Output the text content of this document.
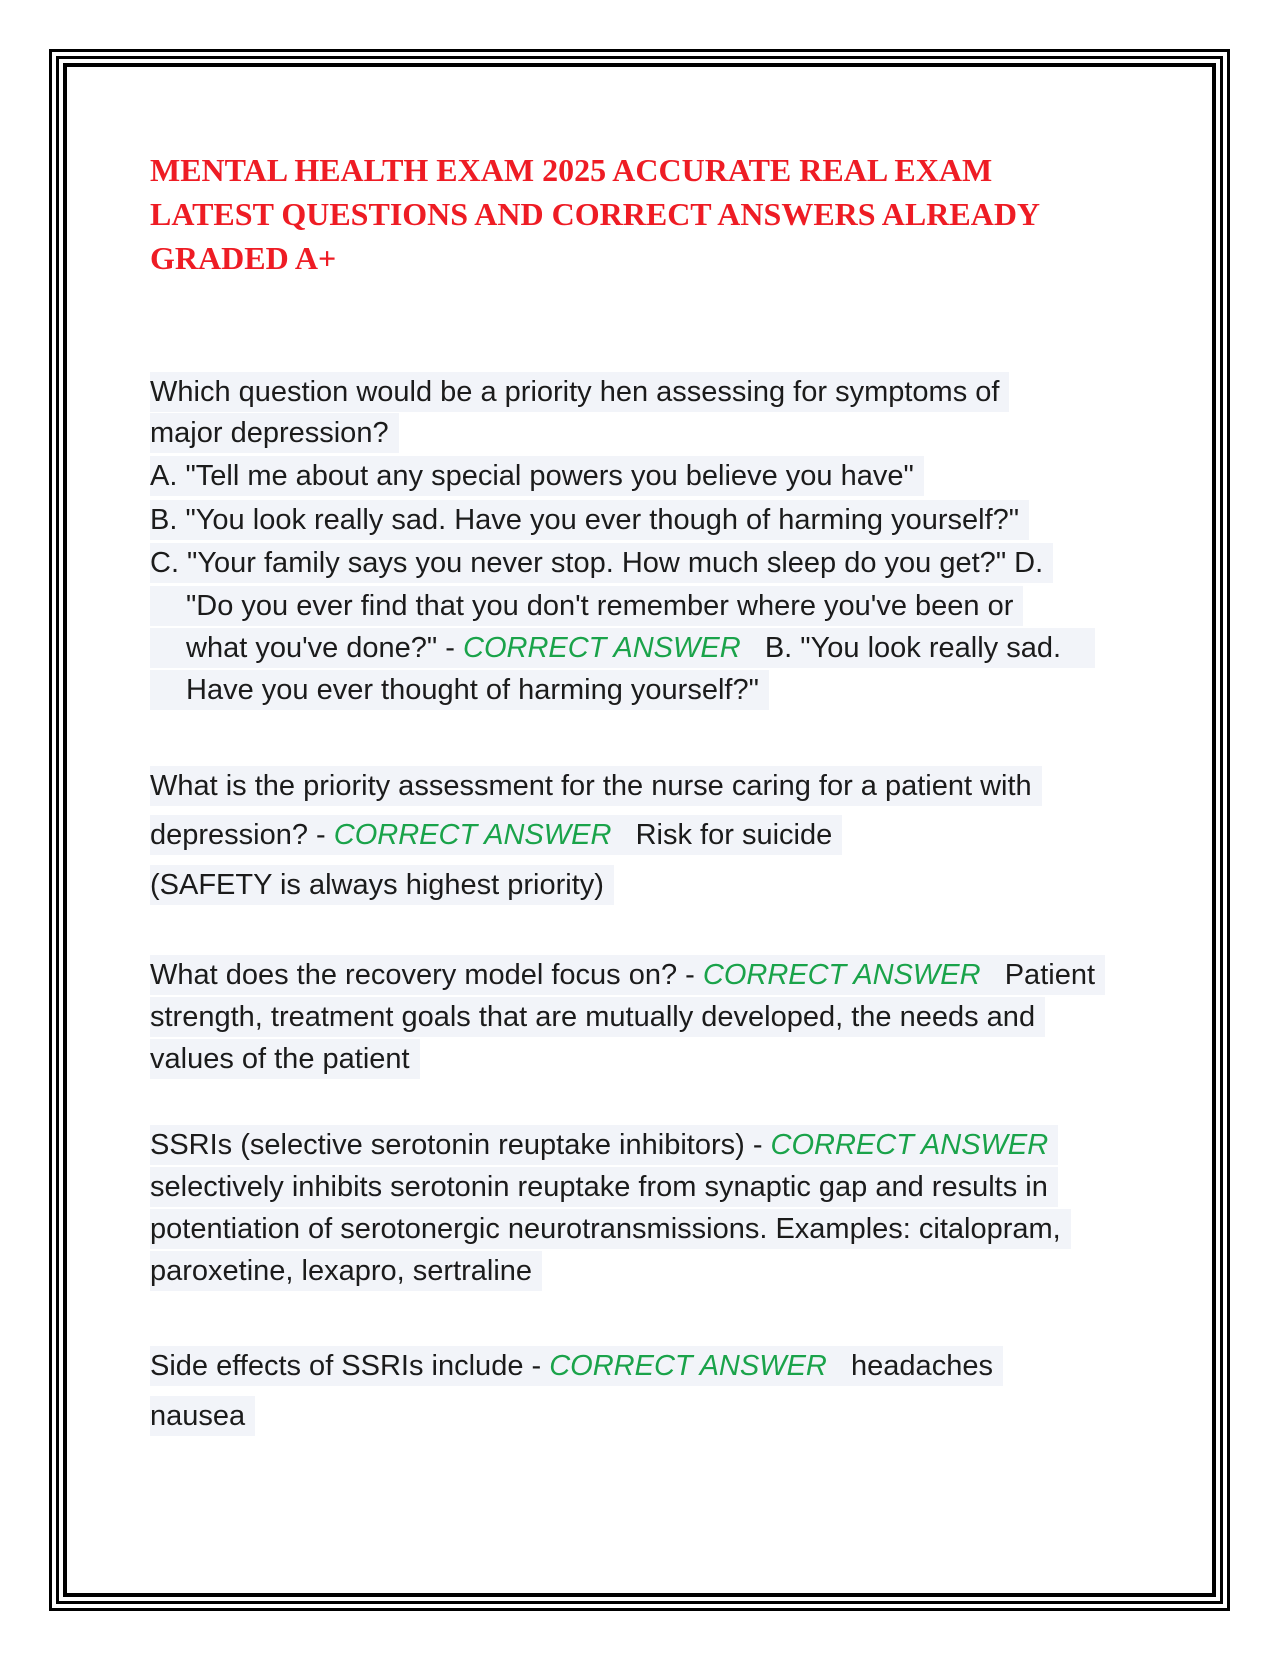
MENTAL HEALTH EXAM 2025 ACCURATE REAL EXAM
LATEST QUESTIONS AND CORRECT ANSWERS ALREADY
GRADED A+

Which question would be a priority hen assessing for symptoms of

major depression?

A. "Tell me about any special powers you believe you have"

B. "You look really sad. Have you ever though of harming yourself?"

C. "Your family says you never stop. How much sleep do you get?" D.

"Do you ever find that you don't remember where you've been or

what you've done?" - CORRECT ANSWER B. "You look really sad.

Have you ever thought of harming yourself?"

What is the priority assessment for the nurse caring for a patient with

depression? - CORRECT ANSWER Risk for suicide

(SAFETY is always highest priority)

What does the recovery model focus on? - CORRECT ANSWER Patient

strength, treatment goals that are mutually developed, the needs and

values of the patient

SSRIs (selective serotonin reuptake inhibitors) - CORRECT ANSWER

selectively inhibits serotonin reuptake from synaptic gap and results in

potentiation of serotonergic neurotransmissions. Examples: citalopram,

paroxetine, lexapro, sertraline

Side effects of SSRIs include - CORRECT ANSWER headaches

nausea
